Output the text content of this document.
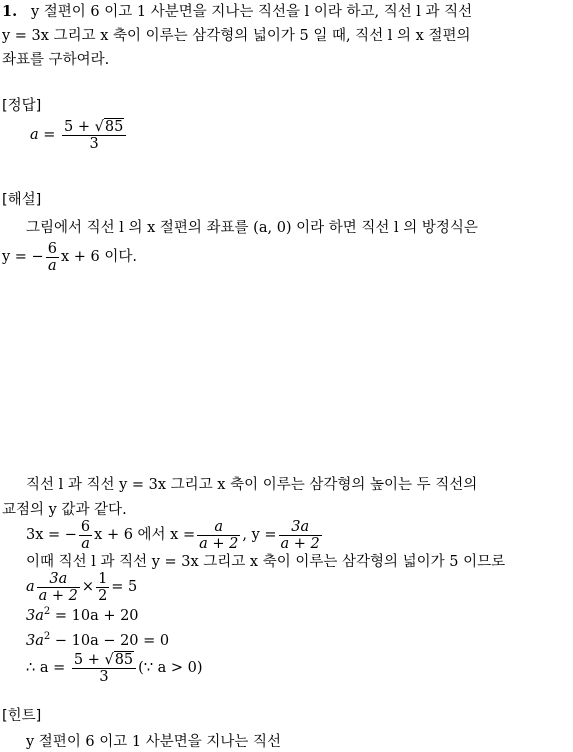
1. y 절편이 6 이고 1 사분면을 지나는 직선을 l 이라 하고, 직선 l 과 직선
y = 3x 그리고 x 축이 이루는 삼각형의 넓이가 5 일 때, 직선 l 의 x 절편의
좌표를 구하여라.
[정답]
$a = \frac{5 + √85}{3}$
[해설]
그림에서 직선 l 의 x 절편의 좌표를 (a, 0) 이라 하면 직선 l 의 방정식은
y = − $\frac{6}{a}$ x + 6 이다.
직선 l 과 직선 y = 3x 그리고 x 축이 이루는 삼각형의 높이는 두 직선의
교점의 y 값과 같다.
3x = − $\frac{6}{a}$ x + 6 에서 $x = \frac{a}{a + 2}$ , $y = \frac{3a}{a + 2}$
이때 직선 l 과 직선 y = 3x 그리고 x 축이 이루는 삼각형의 넓이가 5 이므로
a $\frac{3a}{a + 2} \times \frac{1}{2} = 5$
$3a^2 = 10a + 20$
$3a^2 - 10a - 20 = 0$
∴ $a = \frac{5 + √85}{3}$ (∵ a > 0)
[힌트]
y 절편이 6 이고 1 사분면을 지나는 직선
